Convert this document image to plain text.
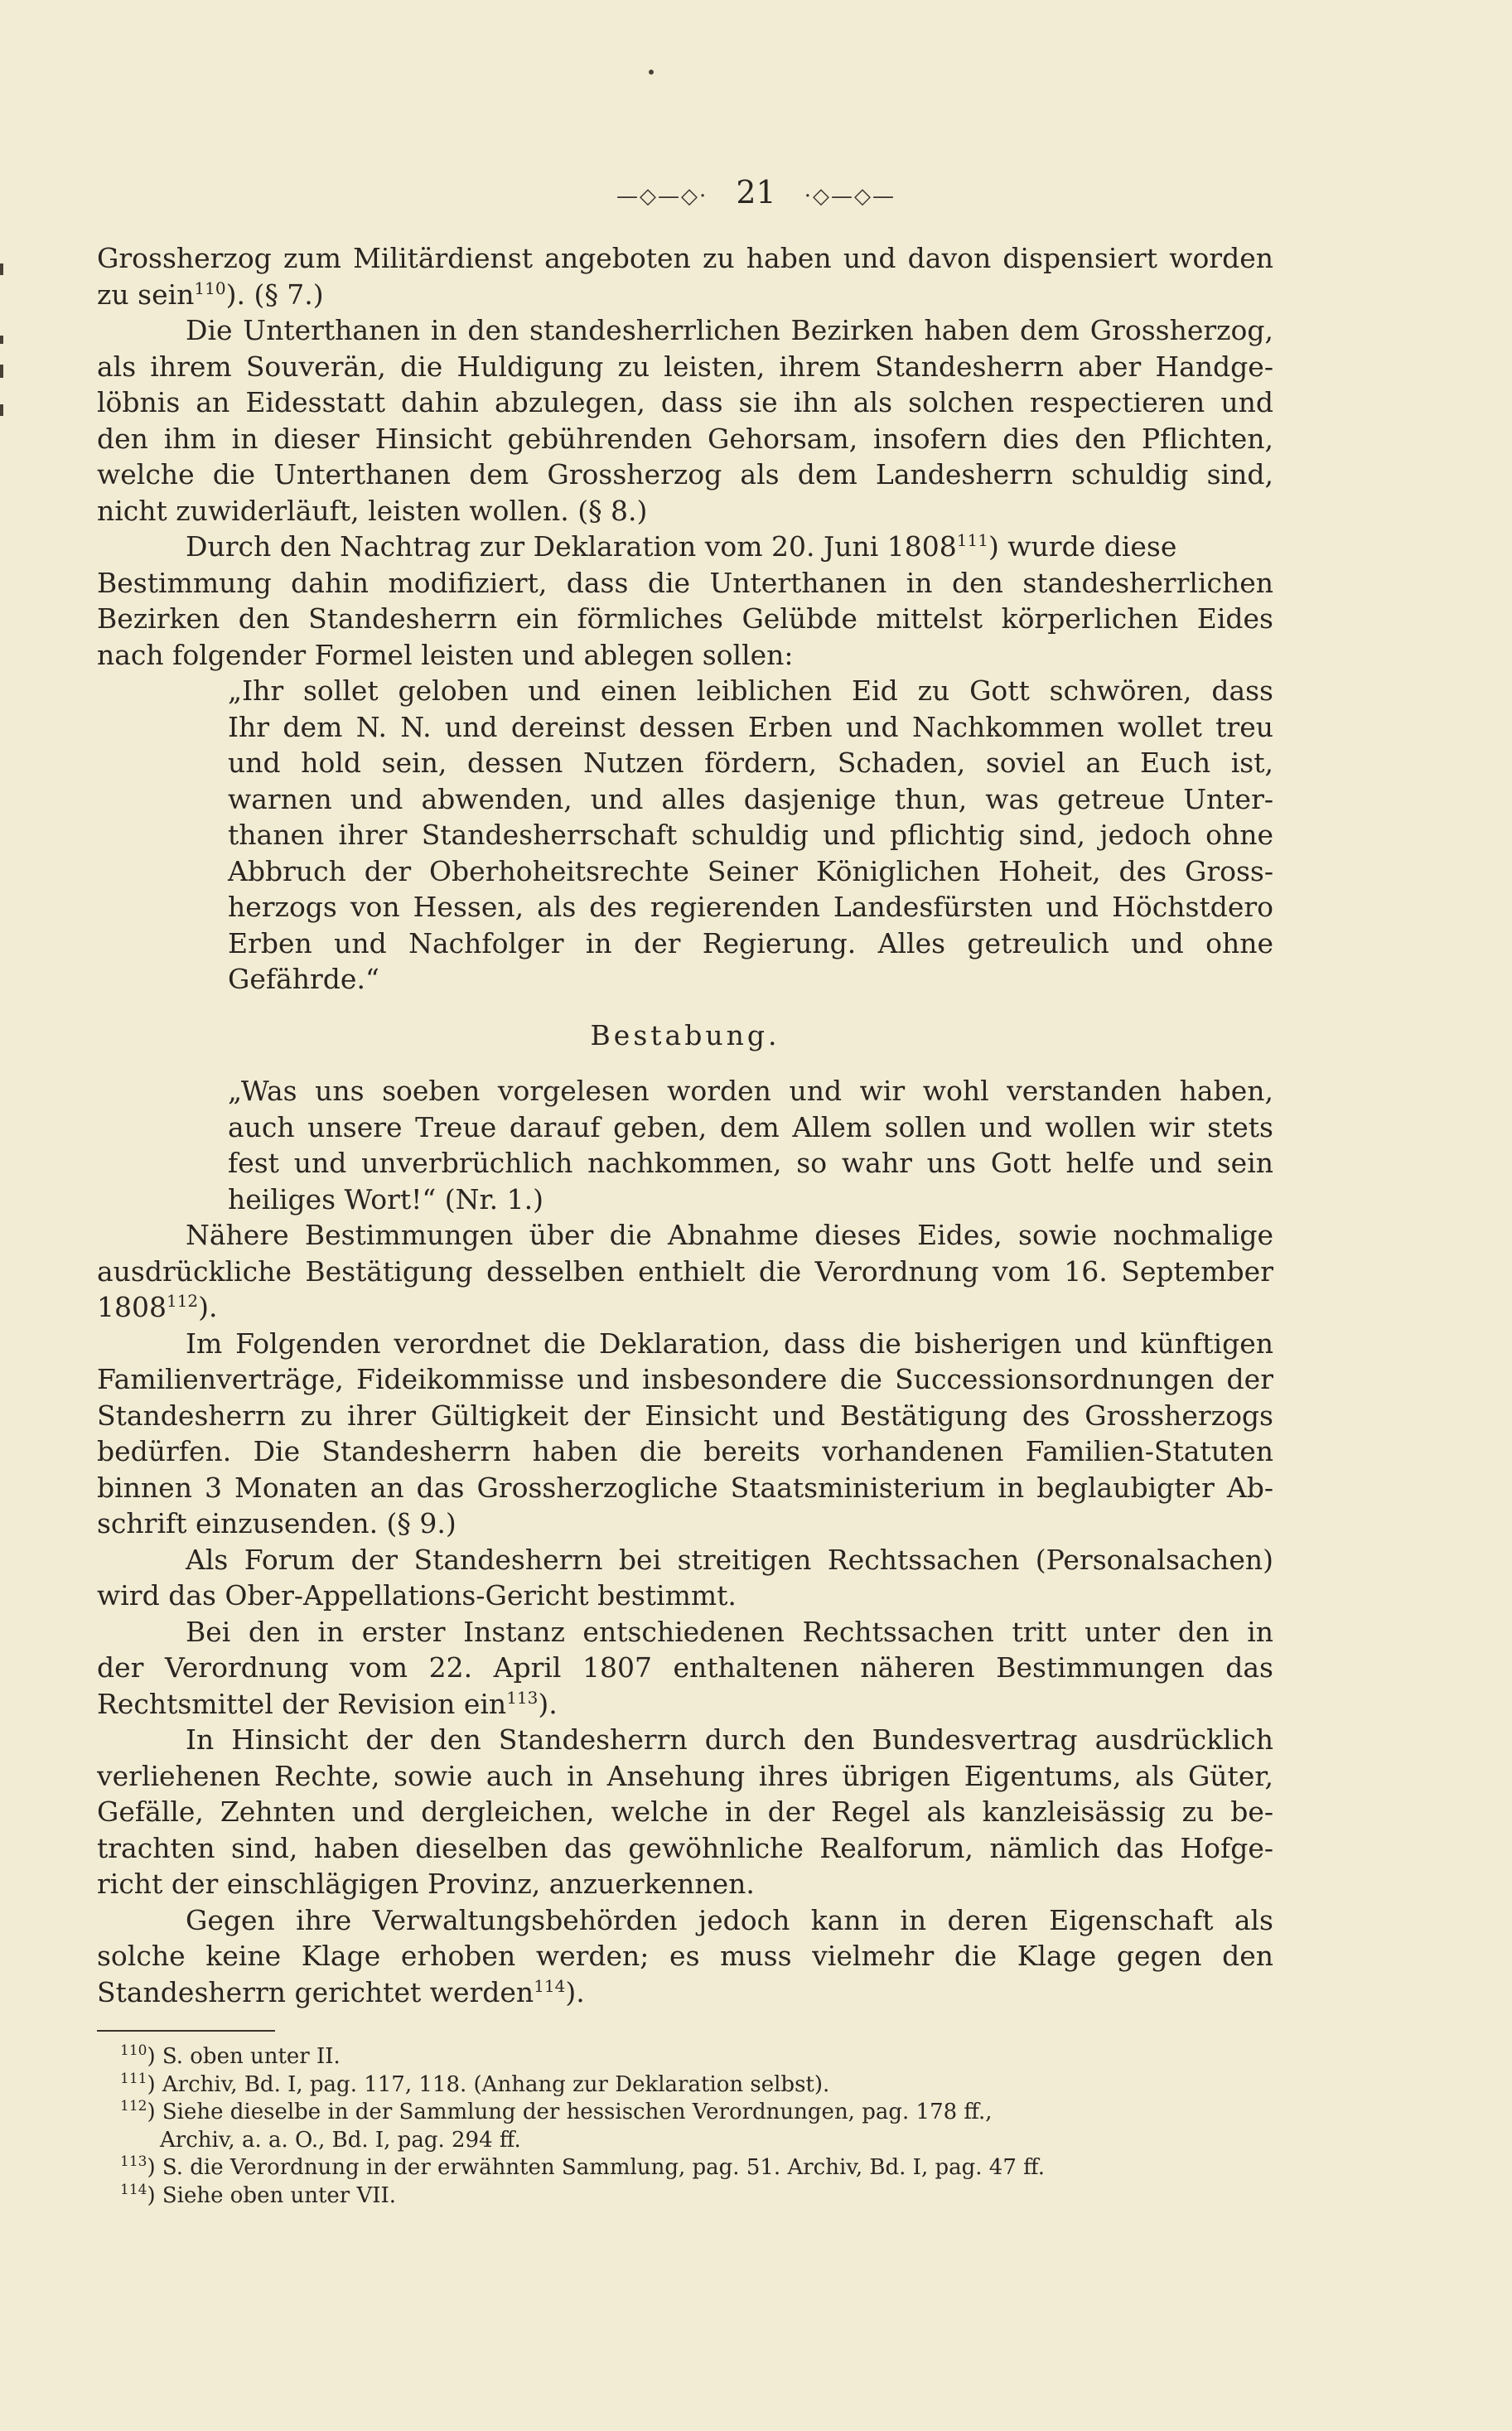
—◇—◇· 21 ·◇—◇—
Grossherzog zum Militärdienst angeboten zu haben und davon dispensiert worden
zu sein$^{110}$). (§ 7.)
Die Unterthanen in den standesherrlichen Bezirken haben dem Grossherzog,
als ihrem Souverän, die Huldigung zu leisten, ihrem Standesherrn aber Handge-
löbnis an Eidesstatt dahin abzulegen, dass sie ihn als solchen respectieren und
den ihm in dieser Hinsicht gebührenden Gehorsam, insofern dies den Pflichten,
welche die Unterthanen dem Grossherzog als dem Landesherrn schuldig sind,
nicht zuwiderläuft, leisten wollen. (§ 8.)
Durch den Nachtrag zur Deklaration vom 20. Juni 1808$^{111}$) wurde diese
Bestimmung dahin modifiziert, dass die Unterthanen in den standesherrlichen
Bezirken den Standesherrn ein förmliches Gelübde mittelst körperlichen Eides
nach folgender Formel leisten und ablegen sollen:
„Ihr sollet geloben und einen leiblichen Eid zu Gott schwören, dass
Ihr dem N. N. und dereinst dessen Erben und Nachkommen wollet treu
und hold sein, dessen Nutzen fördern, Schaden, soviel an Euch ist,
warnen und abwenden, und alles dasjenige thun, was getreue Unter-
thanen ihrer Standesherrschaft schuldig und pflichtig sind, jedoch ohne
Abbruch der Oberhoheitsrechte Seiner Königlichen Hoheit, des Gross-
herzogs von Hessen, als des regierenden Landesfürsten und Höchstdero
Erben und Nachfolger in der Regierung. Alles getreulich und ohne
Gefährde.“
Bestabung.
„Was uns soeben vorgelesen worden und wir wohl verstanden haben,
auch unsere Treue darauf geben, dem Allem sollen und wollen wir stets
fest und unverbrüchlich nachkommen, so wahr uns Gott helfe und sein
heiliges Wort!“ (Nr. 1.)
Nähere Bestimmungen über die Abnahme dieses Eides, sowie nochmalige
ausdrückliche Bestätigung desselben enthielt die Verordnung vom 16. September
1808$^{112}$).
Im Folgenden verordnet die Deklaration, dass die bisherigen und künftigen
Familienverträge, Fideikommisse und insbesondere die Successionsordnungen der
Standesherrn zu ihrer Gültigkeit der Einsicht und Bestätigung des Grossherzogs
bedürfen. Die Standesherrn haben die bereits vorhandenen Familien-Statuten
binnen 3 Monaten an das Grossherzogliche Staatsministerium in beglaubigter Ab-
schrift einzusenden. (§ 9.)
Als Forum der Standesherrn bei streitigen Rechtssachen (Personalsachen)
wird das Ober-Appellations-Gericht bestimmt.
Bei den in erster Instanz entschiedenen Rechtssachen tritt unter den in
der Verordnung vom 22. April 1807 enthaltenen näheren Bestimmungen das
Rechtsmittel der Revision ein$^{113}$).
In Hinsicht der den Standesherrn durch den Bundesvertrag ausdrücklich
verliehenen Rechte, sowie auch in Ansehung ihres übrigen Eigentums, als Güter,
Gefälle, Zehnten und dergleichen, welche in der Regel als kanzleisässig zu be-
trachten sind, haben dieselben das gewöhnliche Realforum, nämlich das Hofge-
richt der einschlägigen Provinz, anzuerkennen.
Gegen ihre Verwaltungsbehörden jedoch kann in deren Eigenschaft als
solche keine Klage erhoben werden; es muss vielmehr die Klage gegen den
Standesherrn gerichtet werden$^{114}$).
$^{110}$) S. oben unter II.
$^{111}$) Archiv, Bd. I, pag. 117, 118. (Anhang zur Deklaration selbst).
$^{112}$) Siehe dieselbe in der Sammlung der hessischen Verordnungen, pag. 178 ff.,
Archiv, a. a. O., Bd. I, pag. 294 ff.
$^{113}$) S. die Verordnung in der erwähnten Sammlung, pag. 51. Archiv, Bd. I, pag. 47 ff.
$^{114}$) Siehe oben unter VII.
